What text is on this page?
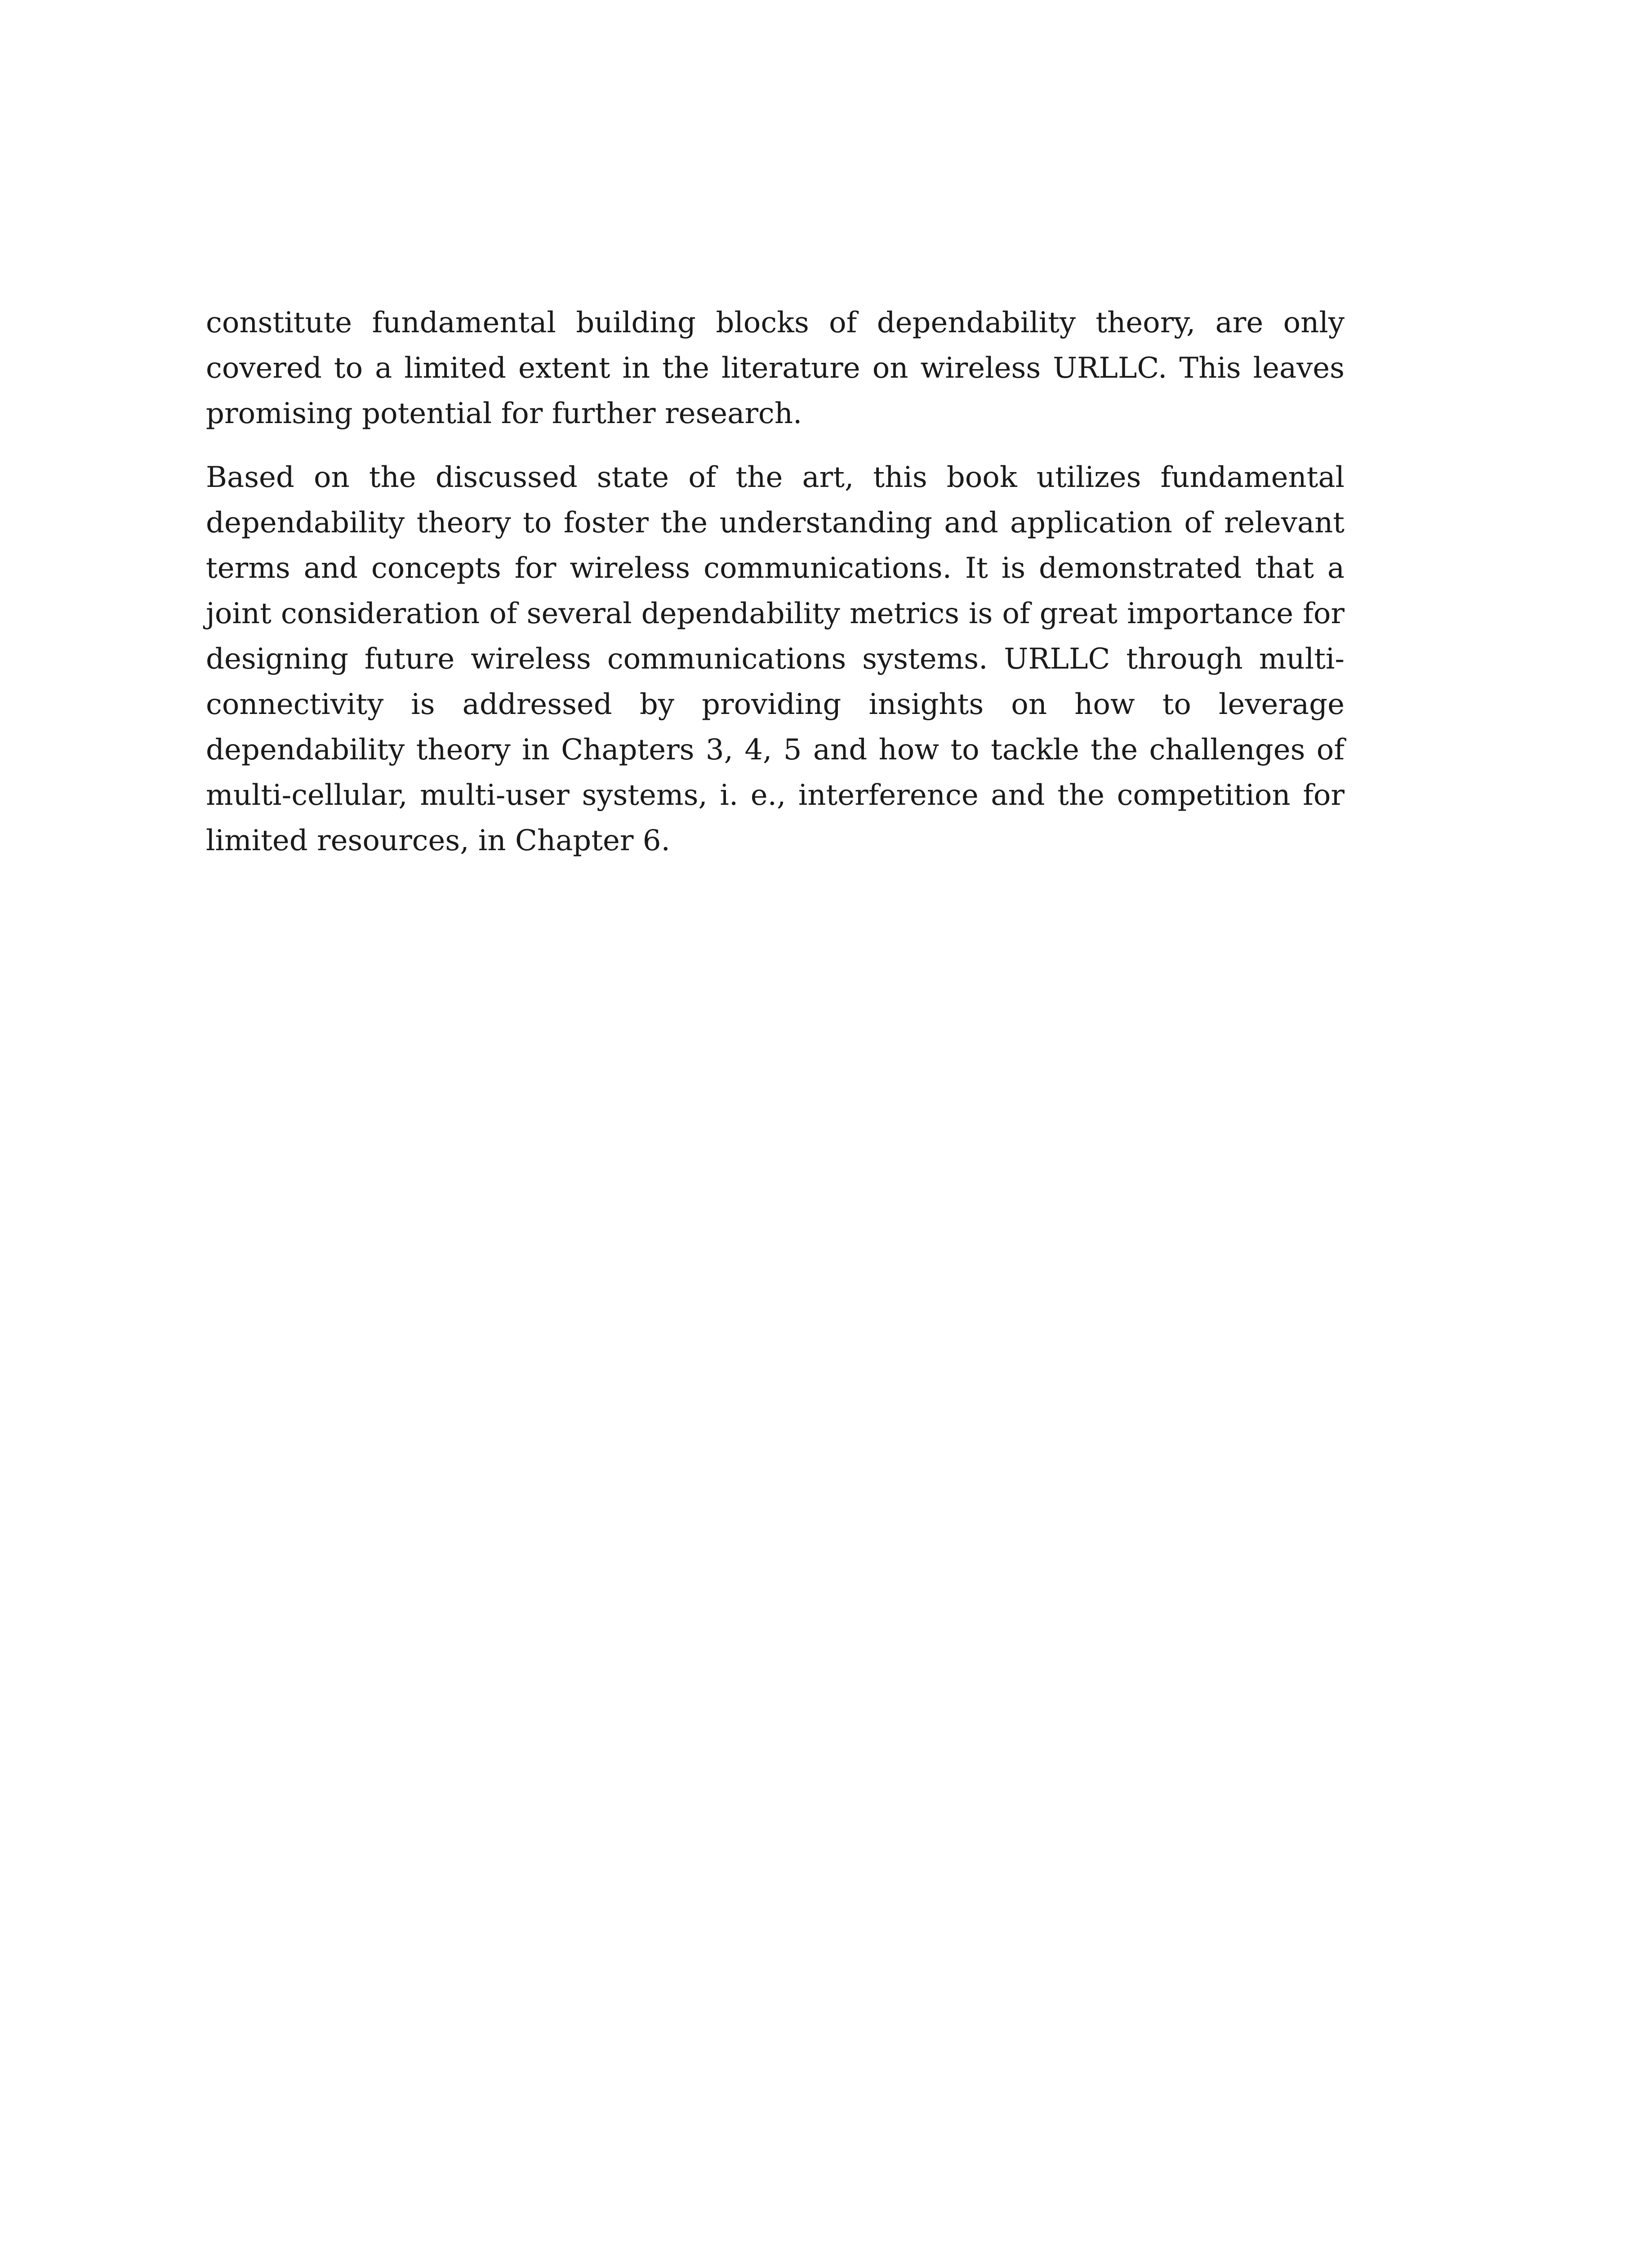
constitute fundamental building blocks of dependability theory, are only covered to a limited extent in the literature on wireless URLLC. This leaves promising potential for further research.

Based on the discussed state of the art, this book utilizes fundamental dependability theory to foster the understanding and application of relevant terms and concepts for wireless communications. It is demonstrated that a joint consideration of several dependability metrics is of great importance for designing future wireless communications systems. URLLC through multi-connectivity is addressed by providing insights on how to leverage dependability theory in Chapters 3, 4, 5 and how to tackle the challenges of multi-cellular, multi-user systems, i. e., interference and the competition for limited resources, in Chapter 6.
